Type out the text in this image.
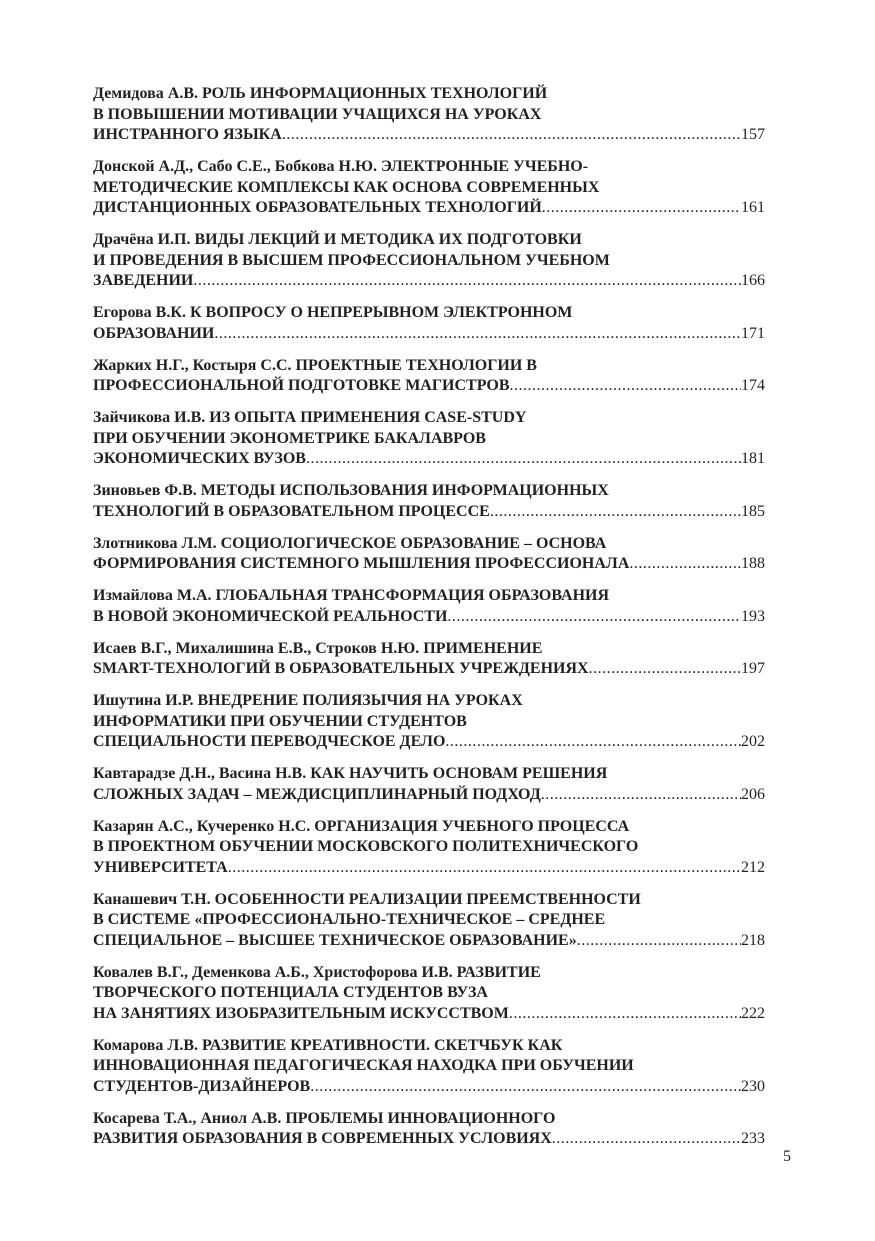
Демидова А.В. РОЛЬ ИНФОРМАЦИОННЫХ ТЕХНОЛОГИЙ
В ПОВЫШЕНИИ МОТИВАЦИИ УЧАЩИХСЯ НА УРОКАХ
ИНСТРАННОГО ЯЗЫКА .....	157
Донской А.Д., Сабо С.Е., Бобкова Н.Ю. ЭЛЕКТРОННЫЕ УЧЕБНО-
МЕТОДИЧЕСКИЕ КОМПЛЕКСЫ КАК ОСНОВА СОВРЕМЕННЫХ
ДИСТАНЦИОННЫХ ОБРАЗОВАТЕЛЬНЫХ ТЕХНОЛОГИЙ .....	161
Драчёна И.П. ВИДЫ ЛЕКЦИЙ И МЕТОДИКА ИХ ПОДГОТОВКИ
И ПРОВЕДЕНИЯ В ВЫСШЕМ ПРОФЕССИОНАЛЬНОМ УЧЕБНОМ
ЗАВЕДЕНИИ .....	166
Егорова В.К. К ВОПРОСУ О НЕПРЕРЫВНОМ ЭЛЕКТРОННОМ
ОБРАЗОВАНИИ .....	171
Жарких Н.Г., Костыря С.С. ПРОЕКТНЫЕ ТЕХНОЛОГИИ В
ПРОФЕССИОНАЛЬНОЙ ПОДГОТОВКЕ МАГИСТРОВ .....	174
Зайчикова И.В. ИЗ ОПЫТА ПРИМЕНЕНИЯ CASE-STUDY
ПРИ ОБУЧЕНИИ ЭКОНОМЕТРИКЕ БАКАЛАВРОВ
ЭКОНОМИЧЕСКИХ ВУЗОВ .....	181
Зиновьев Ф.В. МЕТОДЫ ИСПОЛЬЗОВАНИЯ ИНФОРМАЦИОННЫХ
ТЕХНОЛОГИЙ В ОБРАЗОВАТЕЛЬНОМ ПРОЦЕССЕ .....	185
Злотникова Л.М. СОЦИОЛОГИЧЕСКОЕ ОБРАЗОВАНИЕ – ОСНОВА
ФОРМИРОВАНИЯ СИСТЕМНОГО МЫШЛЕНИЯ ПРОФЕССИОНАЛА .....	188
Измайлова М.А. ГЛОБАЛЬНАЯ ТРАНСФОРМАЦИЯ ОБРАЗОВАНИЯ
В НОВОЙ ЭКОНОМИЧЕСКОЙ РЕАЛЬНОСТИ .....	193
Исаев В.Г., Михалишина Е.В., Строков Н.Ю. ПРИМЕНЕНИЕ
SMART-ТЕХНОЛОГИЙ В ОБРАЗОВАТЕЛЬНЫХ УЧРЕЖДЕНИЯХ .....	197
Ишутина И.Р. ВНЕДРЕНИЕ ПОЛИЯЗЫЧИЯ НА УРОКАХ
ИНФОРМАТИКИ ПРИ ОБУЧЕНИИ СТУДЕНТОВ
СПЕЦИАЛЬНОСТИ ПЕРЕВОДЧЕСКОЕ ДЕЛО .....	202
Кавтарадзе Д.Н., Васина Н.В. КАК НАУЧИТЬ ОСНОВАМ РЕШЕНИЯ
СЛОЖНЫХ ЗАДАЧ – МЕЖДИСЦИПЛИНАРНЫЙ ПОДХОД .....	206
Казарян А.С., Кучеренко Н.С. ОРГАНИЗАЦИЯ УЧЕБНОГО ПРОЦЕССА
В ПРОЕКТНОМ ОБУЧЕНИИ МОСКОВСКОГО ПОЛИТЕХНИЧЕСКОГО
УНИВЕРСИТЕТА .....	212
Канашевич Т.Н. ОСОБЕННОСТИ РЕАЛИЗАЦИИ ПРЕЕМСТВЕННОСТИ
В СИСТЕМЕ «ПРОФЕССИОНАЛЬНО-ТЕХНИЧЕСКОЕ – СРЕДНЕЕ
СПЕЦИАЛЬНОЕ – ВЫСШЕЕ ТЕХНИЧЕСКОЕ ОБРАЗОВАНИЕ» .....	218
Ковалев В.Г., Деменкова А.Б., Христофорова И.В. РАЗВИТИЕ
ТВОРЧЕСКОГО ПОТЕНЦИАЛА СТУДЕНТОВ ВУЗА
НА ЗАНЯТИЯХ ИЗОБРАЗИТЕЛЬНЫМ ИСКУССТВОМ .....	222
Комарова Л.В. РАЗВИТИЕ КРЕАТИВНОСТИ. СКЕТЧБУК КАК
ИННОВАЦИОННАЯ ПЕДАГОГИЧЕСКАЯ НАХОДКА ПРИ ОБУЧЕНИИ
СТУДЕНТОВ-ДИЗАЙНЕРОВ .....	230
Косарева Т.А., Аниол А.В. ПРОБЛЕМЫ ИННОВАЦИОННОГО
РАЗВИТИЯ ОБРАЗОВАНИЯ В СОВРЕМЕННЫХ УСЛОВИЯХ .....	233
5
